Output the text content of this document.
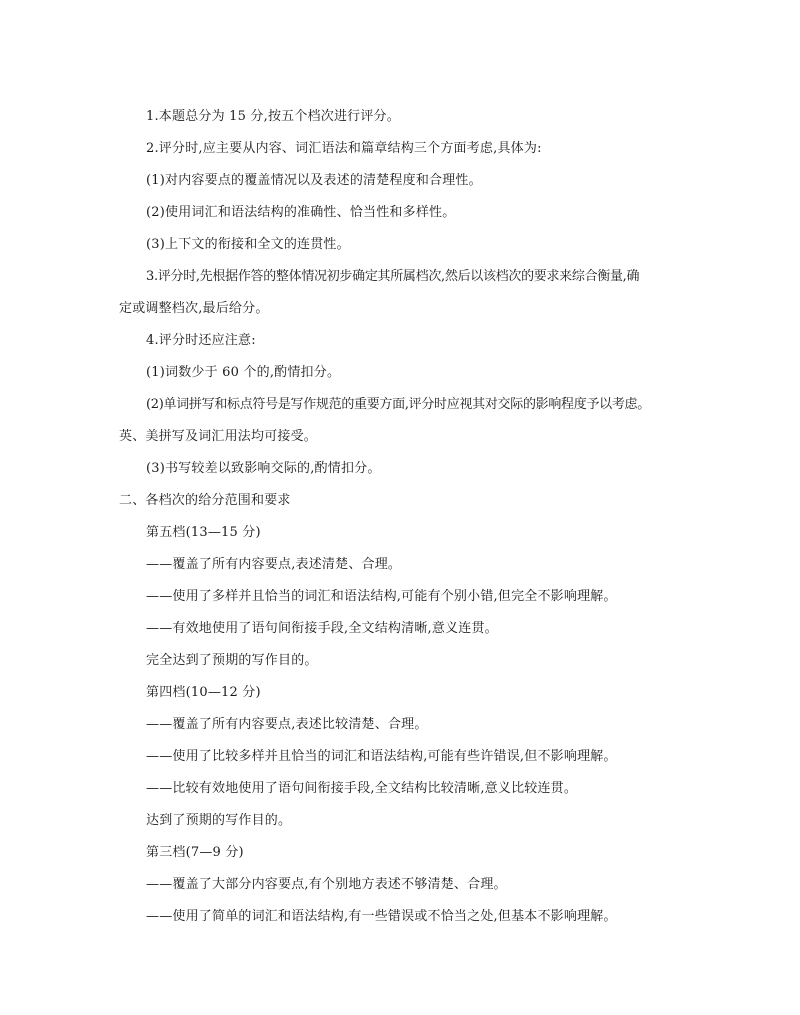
1.本题总分为 15 分,按五个档次进行评分。
2.评分时,应主要从内容、词汇语法和篇章结构三个方面考虑,具体为:
(1)对内容要点的覆盖情况以及表述的清楚程度和合理性。
(2)使用词汇和语法结构的准确性、恰当性和多样性。
(3)上下文的衔接和全文的连贯性。
3.评分时,先根据作答的整体情况初步确定其所属档次,然后以该档次的要求来综合衡量,确
定或调整档次,最后给分。
4.评分时还应注意:
(1)词数少于 60 个的,酌情扣分。
(2)单词拼写和标点符号是写作规范的重要方面,评分时应视其对交际的影响程度予以考虑。
英、美拼写及词汇用法均可接受。
(3)书写较差以致影响交际的,酌情扣分。
二、各档次的给分范围和要求
第五档(13—15 分)
——覆盖了所有内容要点,表述清楚、合理。
——使用了多样并且恰当的词汇和语法结构,可能有个别小错,但完全不影响理解。
——有效地使用了语句间衔接手段,全文结构清晰,意义连贯。
完全达到了预期的写作目的。
第四档(10—12 分)
——覆盖了所有内容要点,表述比较清楚、合理。
——使用了比较多样并且恰当的词汇和语法结构,可能有些许错误,但不影响理解。
——比较有效地使用了语句间衔接手段,全文结构比较清晰,意义比较连贯。
达到了预期的写作目的。
第三档(7—9 分)
——覆盖了大部分内容要点,有个别地方表述不够清楚、合理。
——使用了简单的词汇和语法结构,有一些错误或不恰当之处,但基本不影响理解。
